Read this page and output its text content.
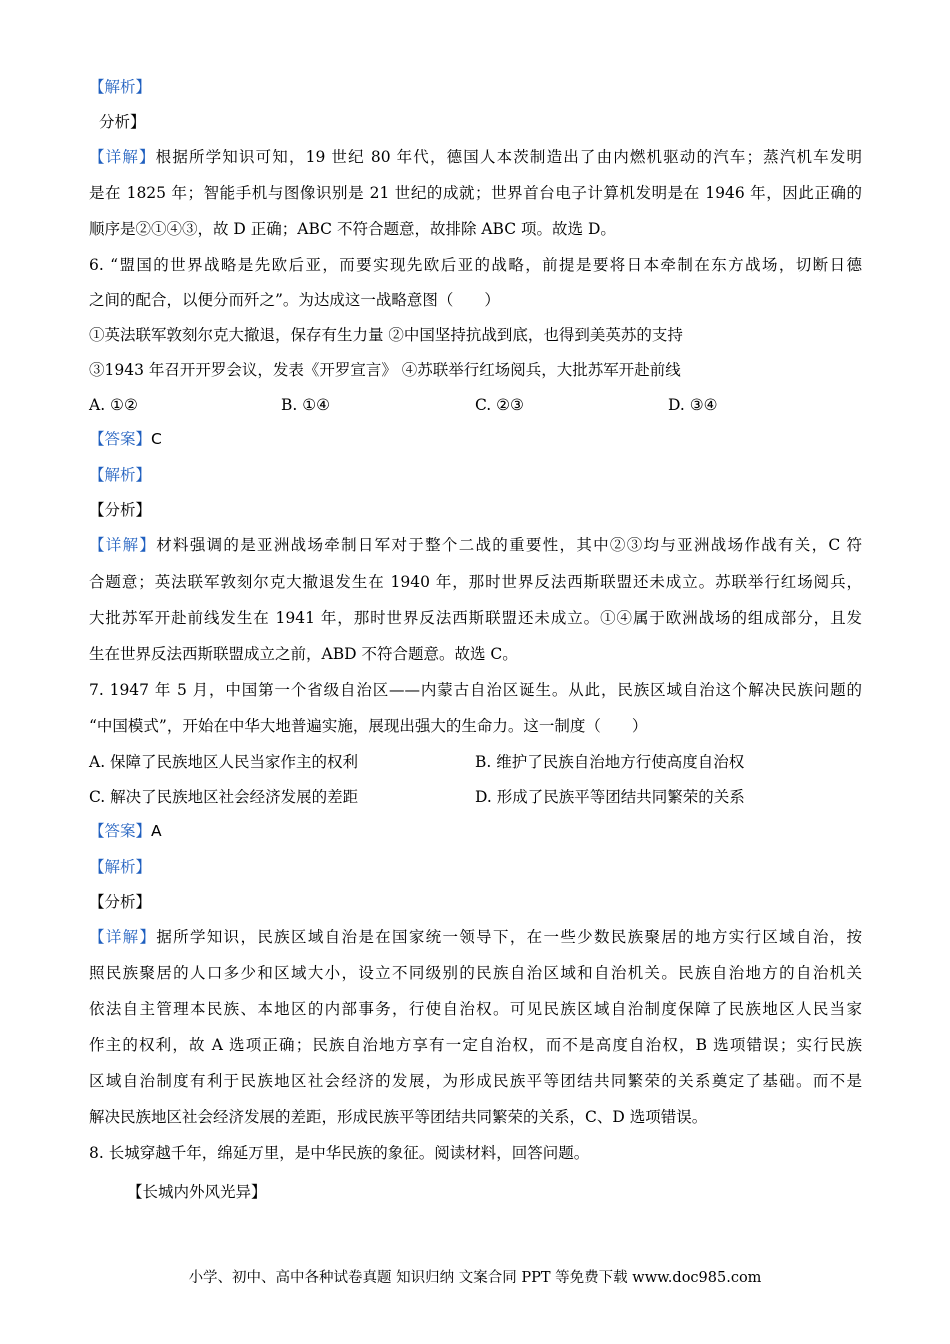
【解析】
分析】
【详解】根据所学知识可知，19 世纪 80 年代，德国人本茨制造出了由内燃机驱动的汽车；蒸汽机车发明
是在 1825 年；智能手机与图像识别是 21 世纪的成就；世界首台电子计算机发明是在 1946 年，因此正确的
顺序是②①④③，故 D 正确；ABC 不符合题意，故排除 ABC 项。故选 D。
6. “盟国的世界战略是先欧后亚，而要实现先欧后亚的战略，前提是要将日本牵制在东方战场，切断日德
之间的配合，以便分而歼之”。为达成这一战略意图（　　）
①英法联军敦刻尔克大撤退，保存有生力量 ②中国坚持抗战到底，也得到美英苏的支持
③1943 年召开开罗会议，发表《开罗宣言》 ④苏联举行红场阅兵，大批苏军开赴前线
A. ①②	B. ①④	C. ②③	D. ③④
【答案】C
【解析】
【分析】
【详解】材料强调的是亚洲战场牵制日军对于整个二战的重要性，其中②③均与亚洲战场作战有关，C 符
合题意；英法联军敦刻尔克大撤退发生在 1940 年，那时世界反法西斯联盟还未成立。苏联举行红场阅兵，
大批苏军开赴前线发生在 1941 年，那时世界反法西斯联盟还未成立。①④属于欧洲战场的组成部分，且发
生在世界反法西斯联盟成立之前，ABD 不符合题意。故选 C。
7. 1947 年 5 月，中国第一个省级自治区——内蒙古自治区诞生。从此，民族区域自治这个解决民族问题的
“中国模式”，开始在中华大地普遍实施，展现出强大的生命力。这一制度（　　）
A. 保障了民族地区人民当家作主的权利	B. 维护了民族自治地方行使高度自治权
C. 解决了民族地区社会经济发展的差距	D. 形成了民族平等团结共同繁荣的关系
【答案】A
【解析】
【分析】
【详解】据所学知识，民族区域自治是在国家统一领导下，在一些少数民族聚居的地方实行区域自治，按
照民族聚居的人口多少和区域大小，设立不同级别的民族自治区域和自治机关。民族自治地方的自治机关
依法自主管理本民族、本地区的内部事务，行使自治权。可见民族区域自治制度保障了民族地区人民当家
作主的权利，故 A 选项正确；民族自治地方享有一定自治权，而不是高度自治权，B 选项错误；实行民族
区域自治制度有利于民族地区社会经济的发展，为形成民族平等团结共同繁荣的关系奠定了基础。而不是
解决民族地区社会经济发展的差距，形成民族平等团结共同繁荣的关系，C、D 选项错误。
8. 长城穿越千年，绵延万里，是中华民族的象征。阅读材料，回答问题。
【长城内外风光异】
小学、初中、高中各种试卷真题 知识归纳 文案合同 PPT 等免费下载 www.doc985.com
